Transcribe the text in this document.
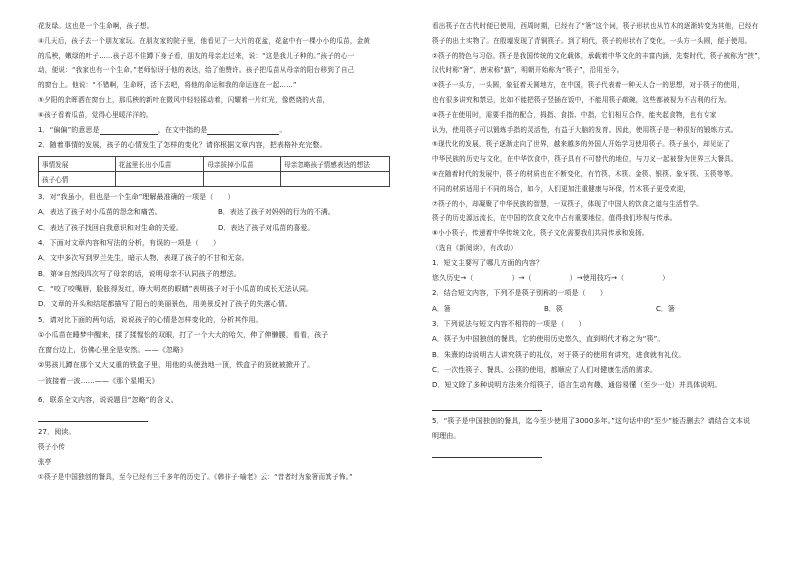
花发绿。这也是一个生命啊，孩子想。
④几天后，孩子去一个朋友家玩。在朋友家的院子里，他看见了一大片的花盆，花盆中有一棵小小的瓜苗，金黄
的瓜秧，嫩绿的叶子……孩子忍不住蹲下身子看，朋友的母亲走过来，说：“这是我儿子种的。”孩子的心一
动，便说：“我家也有一个生命。”老师惊讶于他的表达，给了他赞许。孩子把瓜苗从母亲的阳台移到了自己
的窗台上。他说：“不错啊，生命呀，活下去吧，将他的命运和我的命运连在一起……”
⑤夕阳的余晖洒在窗台上，那瓜秧的新叶在微风中轻轻摇动着，闪耀着一片红光，像燃烧的火苗，
⑥孩子看着瓜苗，觉得心里暖洋洋的。
1．“偏偏”的意思是	，在文中指的是	。
2．随着事情的发展，孩子的心情发生了怎样的变化？请你根据文章内容，把表格补充完整。
事情发展	花盆里长出小瓜苗	母亲拔掉小瓜苗	母亲忽略孩子情感表达的想法
孩子心情			
3．对“我虽小，但也是一个生命”理解最准确的一项是（　　）
A．表达了孩子对小瓜苗的怨念和痛苦。	B．表达了孩子对妈妈的行为的不满。
C．表达了孩子找回自我意识和对生命的关爱。	D．表达了孩子对瓜苗的喜爱。
4．下面对文章内容和写法的分析，有误的一项是（　　）
A．文中多次写到罗兰先生，暗示人物，表现了孩子的不甘和无奈。
B．第③自然段四次写了母亲的话，说明母亲不认同孩子的想法。
C．“咬了咬嘴唇，脸胀得发红，睁大明亮的眼睛”表明孩子对于小瓜苗的成长无法认同。
D．文章的开头和结尾都描写了阳台的美丽景色，用美景反衬了孩子的失落心情。
5．请对比下面的两句话，说说孩子的心情是怎样变化的，分析其作用。
①小瓜苗在睡梦中醒来，揉了揉惺忪的双眼，打了一个大大的哈欠，伸了伸懒腰，看看，孩子
在窗台边上，仿佛心里全是安然。——《忽略》
②男孩儿蹲在那个又大又重的铁盒子里，用他的头使劲地一顶，铁盒子的顶就被掀开了。
一波接着一波……——《那个星期天》
6．联系全文内容，说说题目“忽略”的含义。
27．阅读。
筷子小传
张亭
①筷子是中国独创的餐具，至今已经有三千多年的历史了。《韩非子·喻老》云：“昔者纣为象箸而箕子怖。”
看出筷子在古代时便已使用，西周时期，已经有了“箸”这个词，筷子形状也从竹木的逐渐转变为其他，已经有
筷子的出土实物了。在殷墟发现了青铜筷子。到了明代，筷子的形状有了变化，一头方一头圆，便于使用。
②筷子的特色与习俗。筷子是我国传统的文化载体，承载着中华文化的丰富内涵，先秦时代，筷子被称为“挟”，
汉代时称“箸”，唐宋称“筯”，明朝开始称为“筷子”，沿用至今。
③筷子一头方，一头圆，象征着天圆地方，在中国，筷子代表着一种天人合一的思想，对于筷子的使用，
也有很多讲究和禁忌，比如不能把筷子竖插在饭中，不能用筷子敲碗，这些都被视为不吉利的行为。
④筷子在使用时，需要手指的配合，拇指、食指、中指，它们相互合作，能夹起食物，也有专家
认为，使用筷子可以锻炼手指的灵活性，有益于大脑的发育。因此，使用筷子是一种很好的锻炼方式。
⑤现代化的发展，筷子逐渐走向了世界，越来越多的外国人开始学习使用筷子。筷子虽小，却见证了
中华民族的历史与文化，在中华饮食中，筷子具有不可替代的地位，与刀叉一起被誉为世界三大餐具。
⑥在随着时代的发展中，筷子的材质也在不断变化，有竹筷、木筷、金筷、银筷、象牙筷、玉筷等等。
不同的材质适用于不同的场合，如今，人们更加注重健康与环保，竹木筷子更受欢迎，
⑦筷子的小，却凝聚了中华民族的智慧，一双筷子，体现了中国人的饮食之道与生活哲学。
筷子的历史源远流长，在中国的饮食文化中占有重要地位，值得我们珍视与传承。
⑧小小筷子，传递着中华传统文化，筷子文化需要我们共同传承和发扬。
（选自《新阅读》，有改动）
1．短文主要写了哪几方面的内容？
您久历史→（	）→（	）→使用技巧→（	）
2．结合短文内容，下列不是筷子别称的一项是（　　）
A．箸	B．筷	C．箸
3．下列说法与短文内容不相符的一项是（　　）
A．筷子为中国独创的餐具，它的使用历史悠久，直到明代才称之为“筷”。
B．朱熹的诗说明古人讲究筷子的礼仪，对于筷子的使用有讲究，进食就有礼仪。
C．一次性筷子、餐具、公筷的使用，都顺应了人们对健康生活的需求。
D．短文除了多种说明方法来介绍筷子，语言生动有趣，通俗易懂（至少一处）并具体说明。
5．“筷子是中国独创的餐具，迄今至少使用了3000多年。”这句话中的“至少”能否删去？请结合文本说
明理由。
